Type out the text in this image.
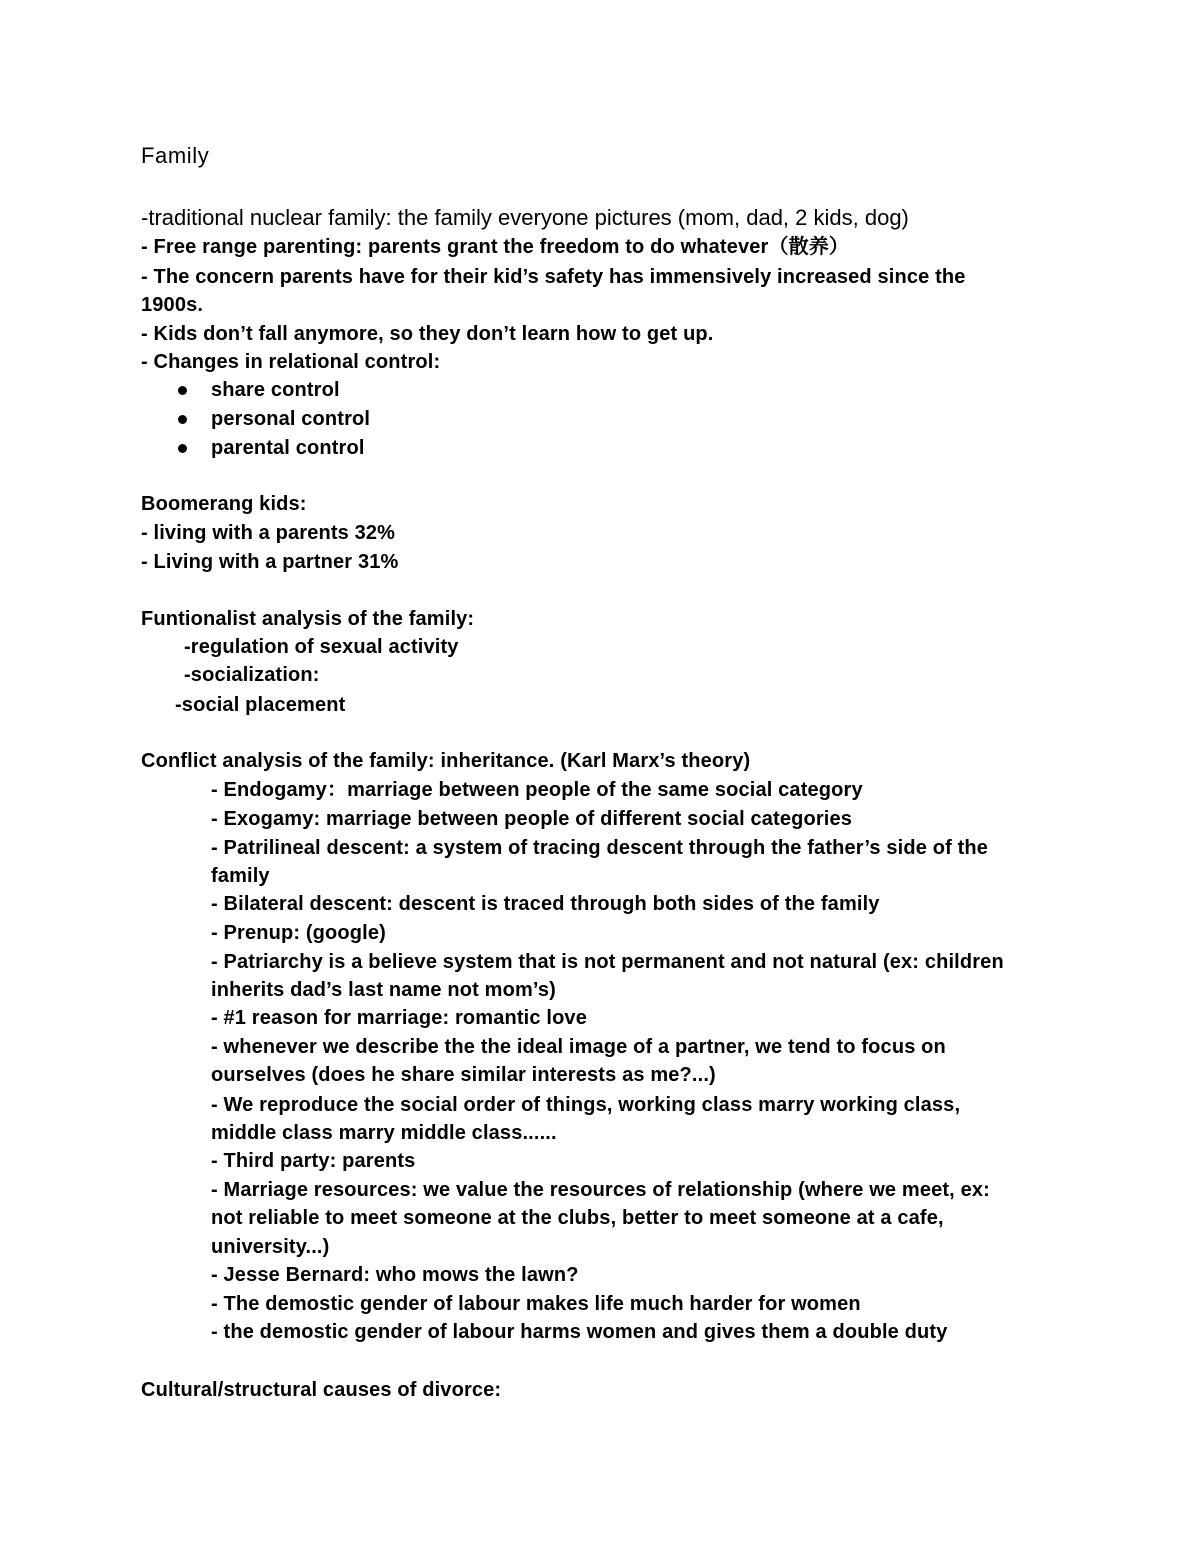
Family
-traditional nuclear family: the family everyone pictures (mom, dad, 2 kids, dog)
- Free range parenting: parents grant the freedom to do whatever（散养）
- The concern parents have for their kid’s safety has immensively increased since the
1900s.
- Kids don’t fall anymore, so they don’t learn how to get up.
- Changes in relational control:
share control
personal control
parental control
Boomerang kids:
- living with a parents 32%
- Living with a partner 31%
Funtionalist analysis of the family:
-regulation of sexual activity
-socialization:
-social placement
Conflict analysis of the family: inheritance. (Karl Marx’s theory)
- Endogamy：marriage between people of the same social category
- Exogamy: marriage between people of different social categories
- Patrilineal descent: a system of tracing descent through the father’s side of the
family
- Bilateral descent: descent is traced through both sides of the family
- Prenup: (google)
- Patriarchy is a believe system that is not permanent and not natural (ex: children
inherits dad’s last name not mom’s)
- #1 reason for marriage: romantic love
- whenever we describe the the ideal image of a partner, we tend to focus on
ourselves (does he share similar interests as me?...)
- We reproduce the social order of things, working class marry working class,
middle class marry middle class......
- Third party: parents
- Marriage resources: we value the resources of relationship (where we meet, ex:
not reliable to meet someone at the clubs, better to meet someone at a cafe,
university...)
- Jesse Bernard: who mows the lawn?
- The demostic gender of labour makes life much harder for women
- the demostic gender of labour harms women and gives them a double duty
Cultural/structural causes of divorce:
